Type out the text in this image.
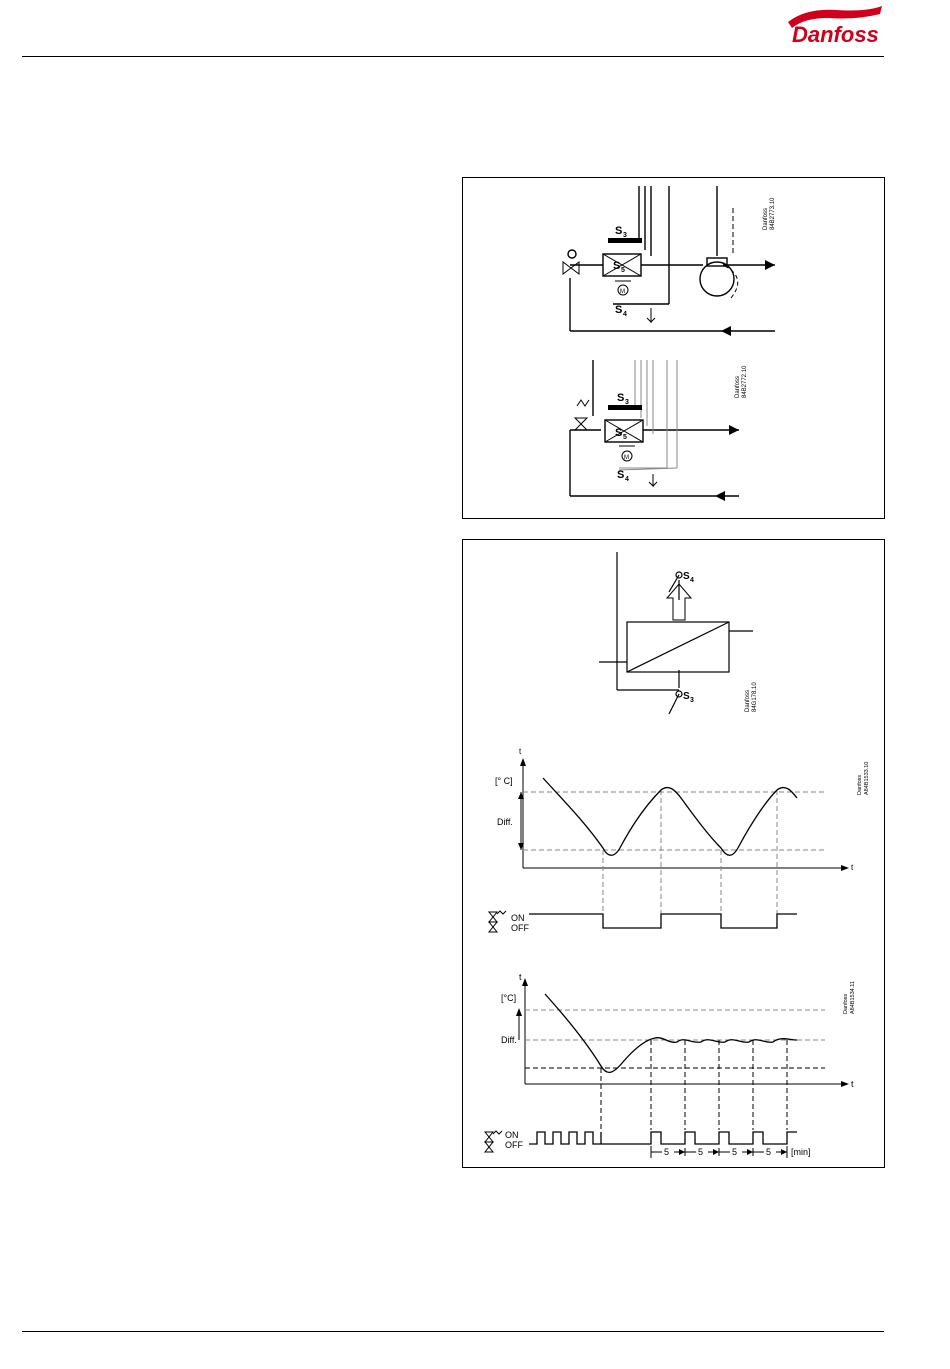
Danfoss
S 3
S 5
M
S 4
Danfoss 84B2773.10
S 3
S 5
M
S 4
Danfoss 84B2772.10
S 4
S 3	Danfoss 84G178.10
t
[° C]
Diff.
t
Danfoss A84B1533.10
ON
OFF
t
[°C]
Diff.
t
Danfoss A84B1534.11
ON
OFF
5	5	5	5 [min]
